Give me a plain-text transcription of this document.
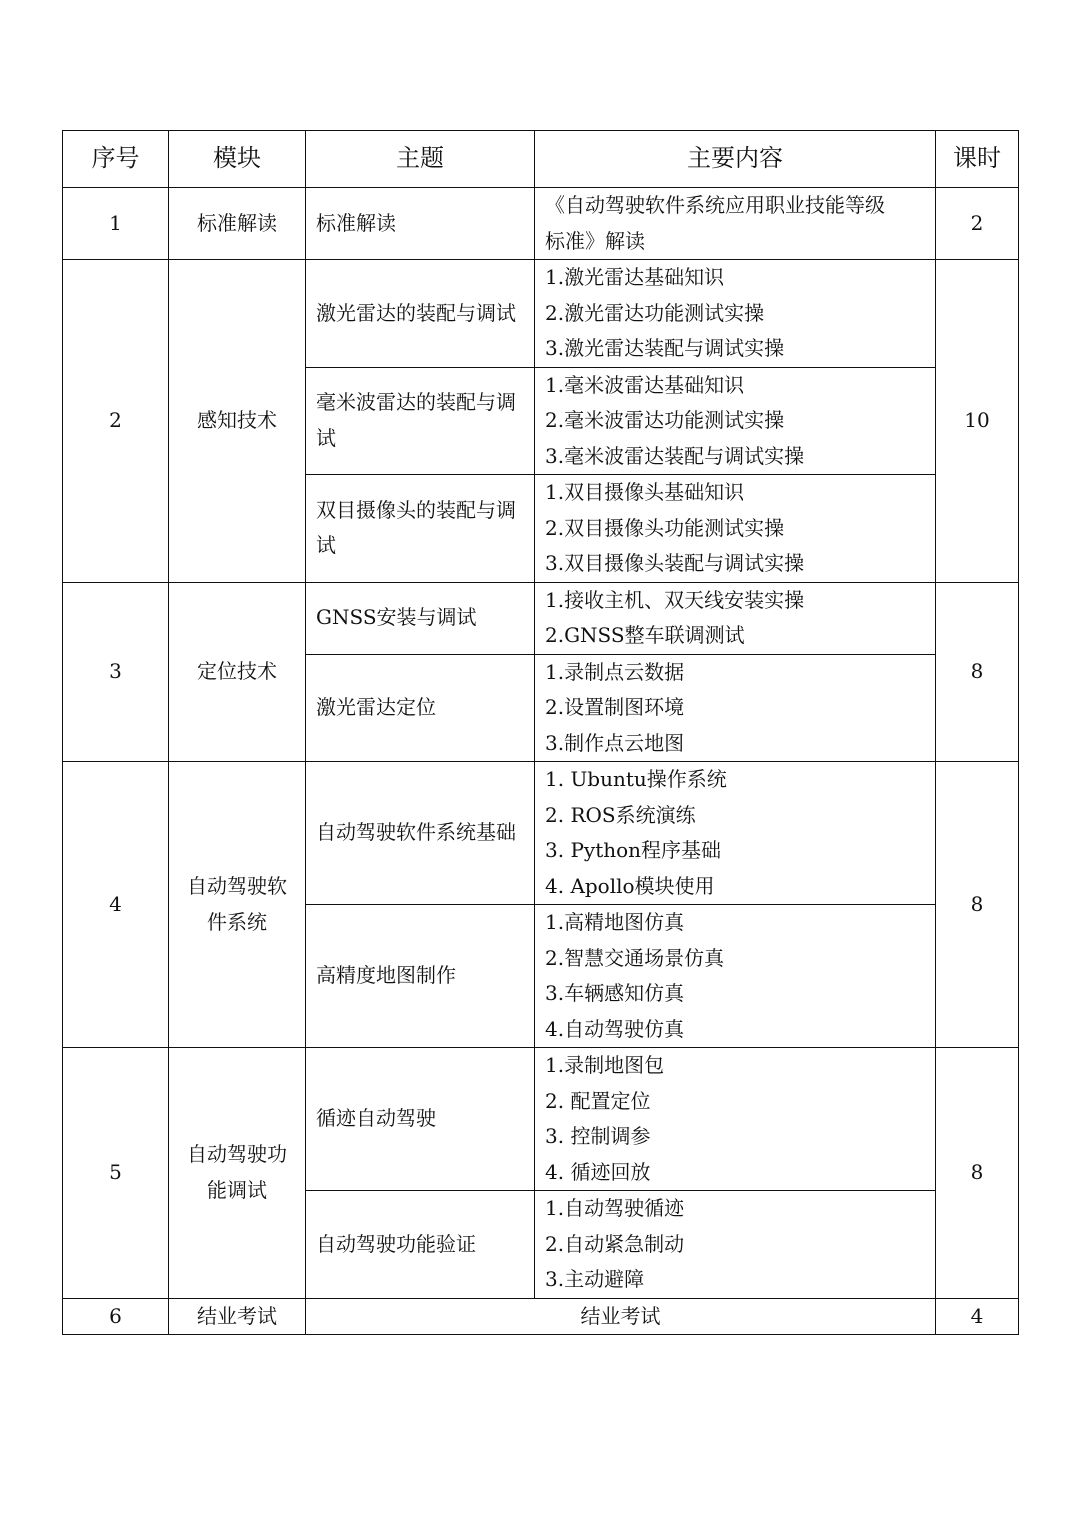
序号	模块	主题	主要内容	课时
1	标准解读	标准解读	《自动驾驶软件系统应用职业技能等级
标准》解读	2
2	感知技术	激光雷达的装配与调试	1.激光雷达基础知识
2.激光雷达功能测试实操
3.激光雷达装配与调试实操	10
		毫米波雷达的装配与调试	1.毫米波雷达基础知识
2.毫米波雷达功能测试实操
3.毫米波雷达装配与调试实操	

		双目摄像头的装配与调试	1.双目摄像头基础知识
2.双目摄像头功能测试实操
3.双目摄像头装配与调试实操	

3	定位技术	GNSS安装与调试	1.接收主机、双天线安装实操
2.GNSS整车联调测试	8
		激光雷达定位	1.录制点云数据
2.设置制图环境
3.制作点云地图	

4	自动驾驶软件系统	自动驾驶软件系统基础	1. Ubuntu操作系统
2. ROS系统演练
3. Python程序基础
4. Apollo模块使用	8
		高精度地图制作	1.高精地图仿真
2.智慧交通场景仿真
3.车辆感知仿真
4.自动驾驶仿真	

5	自动驾驶功能调试	循迹自动驾驶	1.录制地图包
2. 配置定位
3. 控制调参
4. 循迹回放	8
		自动驾驶功能验证	1.自动驾驶循迹
2.自动紧急制动
3.主动避障	

6	结业考试	结业考试		4
